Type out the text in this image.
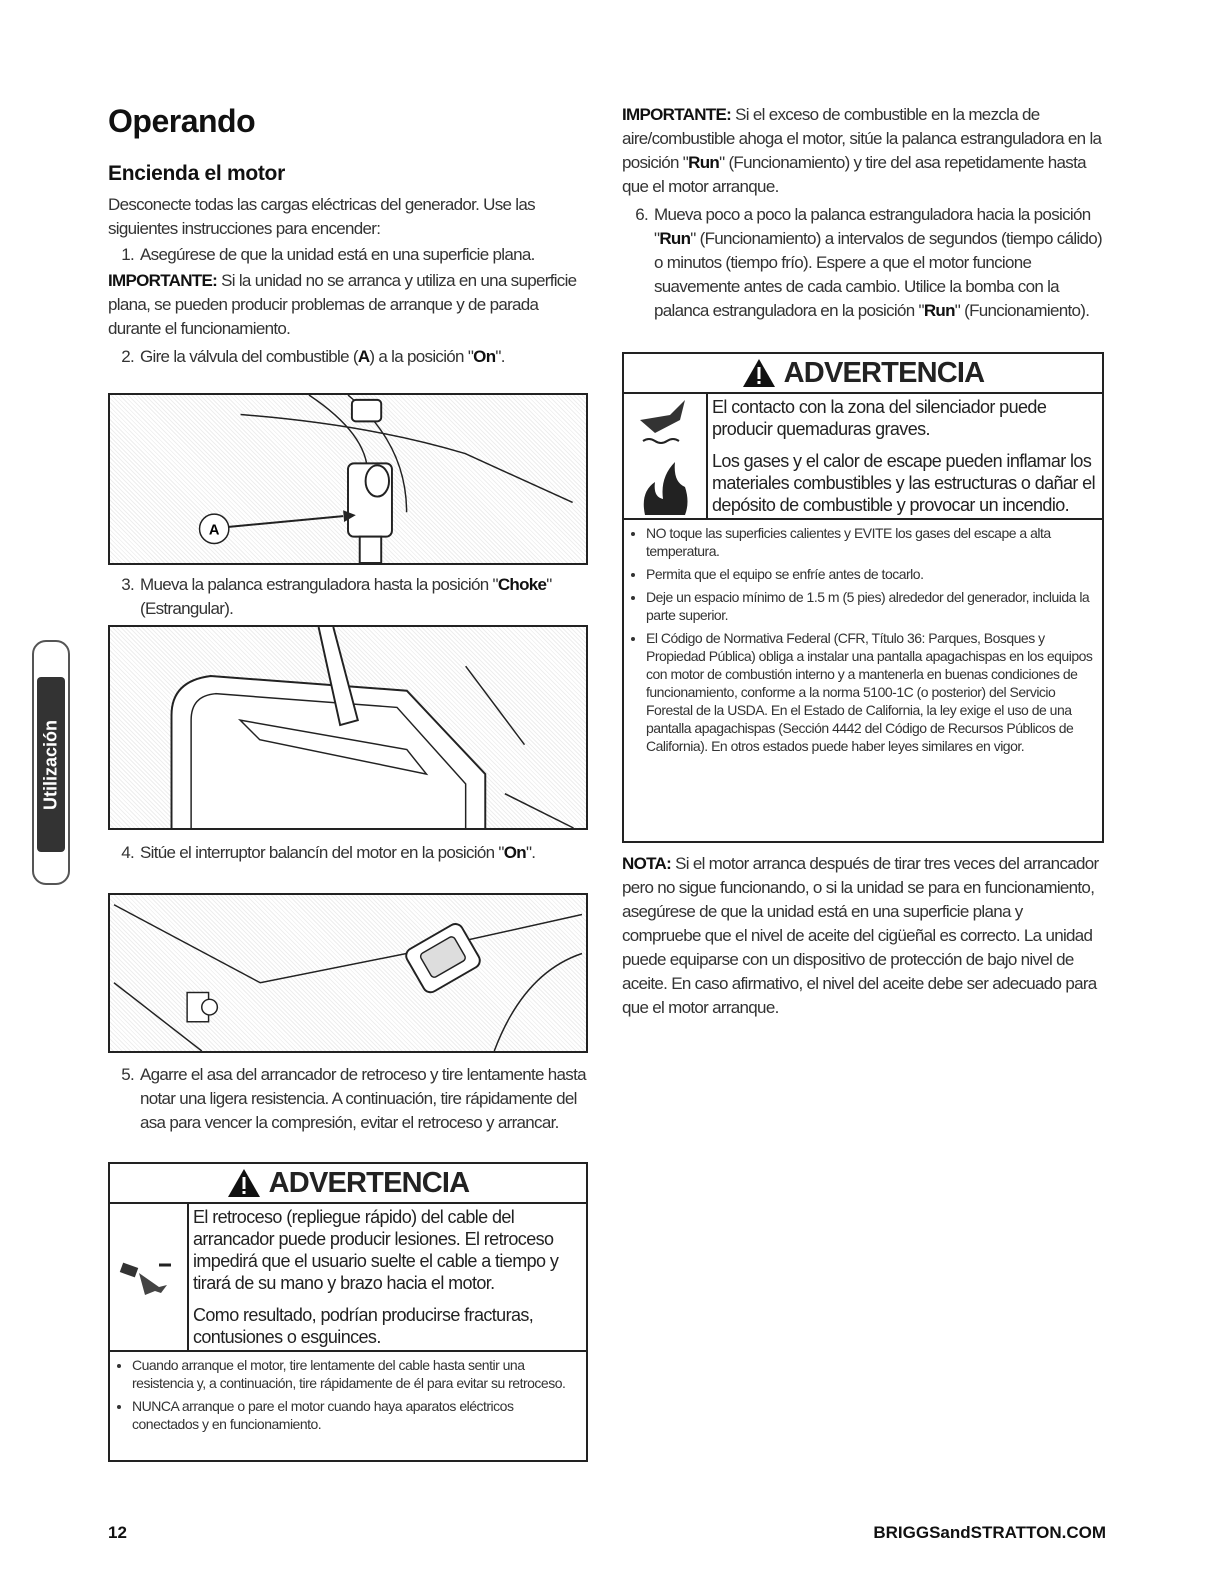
Operando
Encienda el motor
Utilización

Desconecte todas las cargas eléctricas del generador. Use las siguientes instrucciones para encender:

1. Asegúrese de que la unidad está en una superficie plana.

IMPORTANTE: Si la unidad no se arranca y utiliza en una superficie plana, se pueden producir problemas de arranque y de parada durante el funcionamiento.

2. Gire la válvula del combustible (A) a la posición "On".
A
3. Mueva la palanca estranguladora hasta la posición "Choke" (Estrangular).
4. Sitúe el interruptor balancín del motor en la posición "On".
5. Agarre el asa del arrancador de retroceso y tire lentamente hasta notar una ligera resistencia. A continuación, tire rápidamente del asa para vencer la compresión, evitar el retroceso y arrancar.
ADVERTENCIA

El retroceso (repliegue rápido) del cable del arrancador puede producir lesiones. El retroceso impedirá que el usuario suelte el cable a tiempo y tirará de su mano y brazo hacia el motor.

Como resultado, podrían producirse fracturas, contusiones o esguinces.

• Cuando arranque el motor, tire lentamente del cable hasta sentir una resistencia y, a continuación, tire rápidamente de él para evitar su retroceso.
• NUNCA arranque o pare el motor cuando haya aparatos eléctricos conectados y en funcionamiento.

IMPORTANTE: Si el exceso de combustible en la mezcla de aire/combustible ahoga el motor, sitúe la palanca estranguladora en la posición "Run" (Funcionamiento) y tire del asa repetidamente hasta que el motor arranque.

6. Mueva poco a poco la palanca estranguladora hacia la posición "Run" (Funcionamiento) a intervalos de segundos (tiempo cálido) o minutos (tiempo frío). Espere a que el motor funcione suavemente antes de cada cambio. Utilice la bomba con la palanca estranguladora en la posición "Run" (Funcionamiento).
ADVERTENCIA

El contacto con la zona del silenciador puede producir quemaduras graves.

Los gases y el calor de escape pueden inflamar los materiales combustibles y las estructuras o dañar el depósito de combustible y provocar un incendio.

• NO toque las superficies calientes y EVITE los gases del escape a alta temperatura.
• Permita que el equipo se enfríe antes de tocarlo.
• Deje un espacio mínimo de 1.5 m (5 pies) alrededor del generador, incluida la parte superior.
• El Código de Normativa Federal (CFR, Título 36: Parques, Bosques y Propiedad Pública) obliga a instalar una pantalla apagachispas en los equipos con motor de combustión interno y a mantenerla en buenas condiciones de funcionamiento, conforme a la norma 5100-1C (o posterior) del Servicio Forestal de la USDA. En el Estado de California, la ley exige el uso de una pantalla apagachispas (Sección 4442 del Código de Recursos Públicos de California). En otros estados puede haber leyes similares en vigor.

NOTA: Si el motor arranca después de tirar tres veces del arrancador pero no sigue funcionando, o si la unidad se para en funcionamiento, asegúrese de que la unidad está en una superficie plana y compruebe que el nivel de aceite del cigüeñal es correcto. La unidad puede equiparse con un dispositivo de protección de bajo nivel de aceite. En caso afirmativo, el nivel del aceite debe ser adecuado para que el motor arranque.

12	BRIGGSandSTRATTON.COM
